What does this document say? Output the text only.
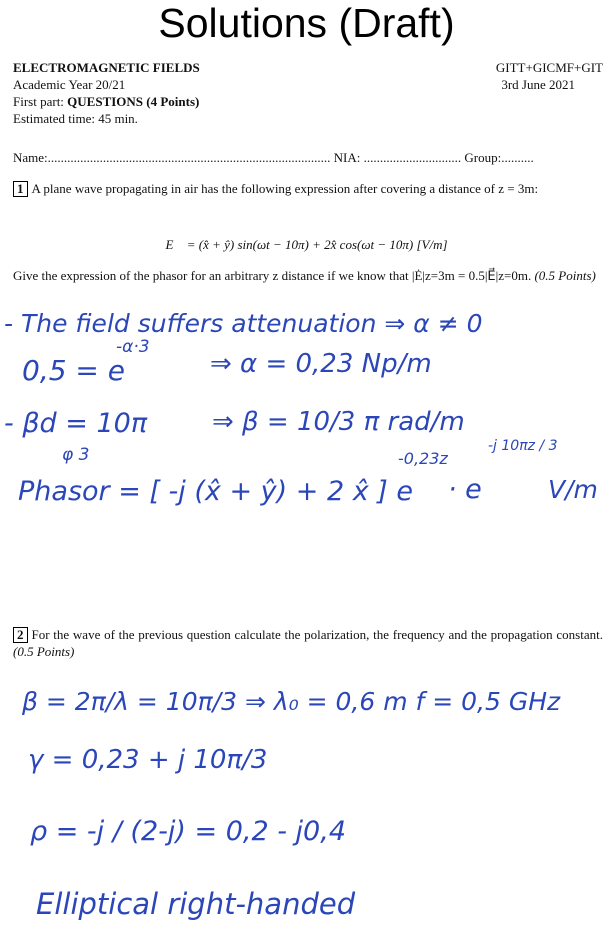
Solutions (Draft)
ELECTROMAGNETIC FIELDS
Academic Year 20/21
First part: QUESTIONS (4 Points)
Estimated time: 45 min.
GITT+GICMF+GIT
3rd June 2021
Name:....................................................................................... NIA: .............................. Group:..........
1 A plane wave propagating in air has the following expression after covering a distance of z = 3m:
E⃗ = (x̂ + ŷ) sin(ωt − 10π) + 2x̂ cos(ωt − 10π) [V/m]
Give the expression of the phasor for an arbitrary z distance if we know that |Ė|z=3m = 0.5|E⃗|z=0m. (0.5 Points)
- The field suffers attenuation ⇒ α ≠ 0
0,5 = e
-α·3
⇒ α = 0,23 Np/m
- βd = 10π
φ 3
⇒ β = 10/3 π rad/m
Phasor = [ -j (x̂ + ŷ) + 2 x̂ ] e
-0,23z
· e
-j 10πz / 3
V/m
2 For the wave of the previous question calculate the polarization, the frequency and the propagation constant. (0.5 Points)
β = 2π/λ = 10π/3 ⇒ λ₀ = 0,6 m f = 0,5 GHz
γ = 0,23 + j 10π/3
ρ = -j / (2-j) = 0,2 - j0,4
Elliptical right-handed
